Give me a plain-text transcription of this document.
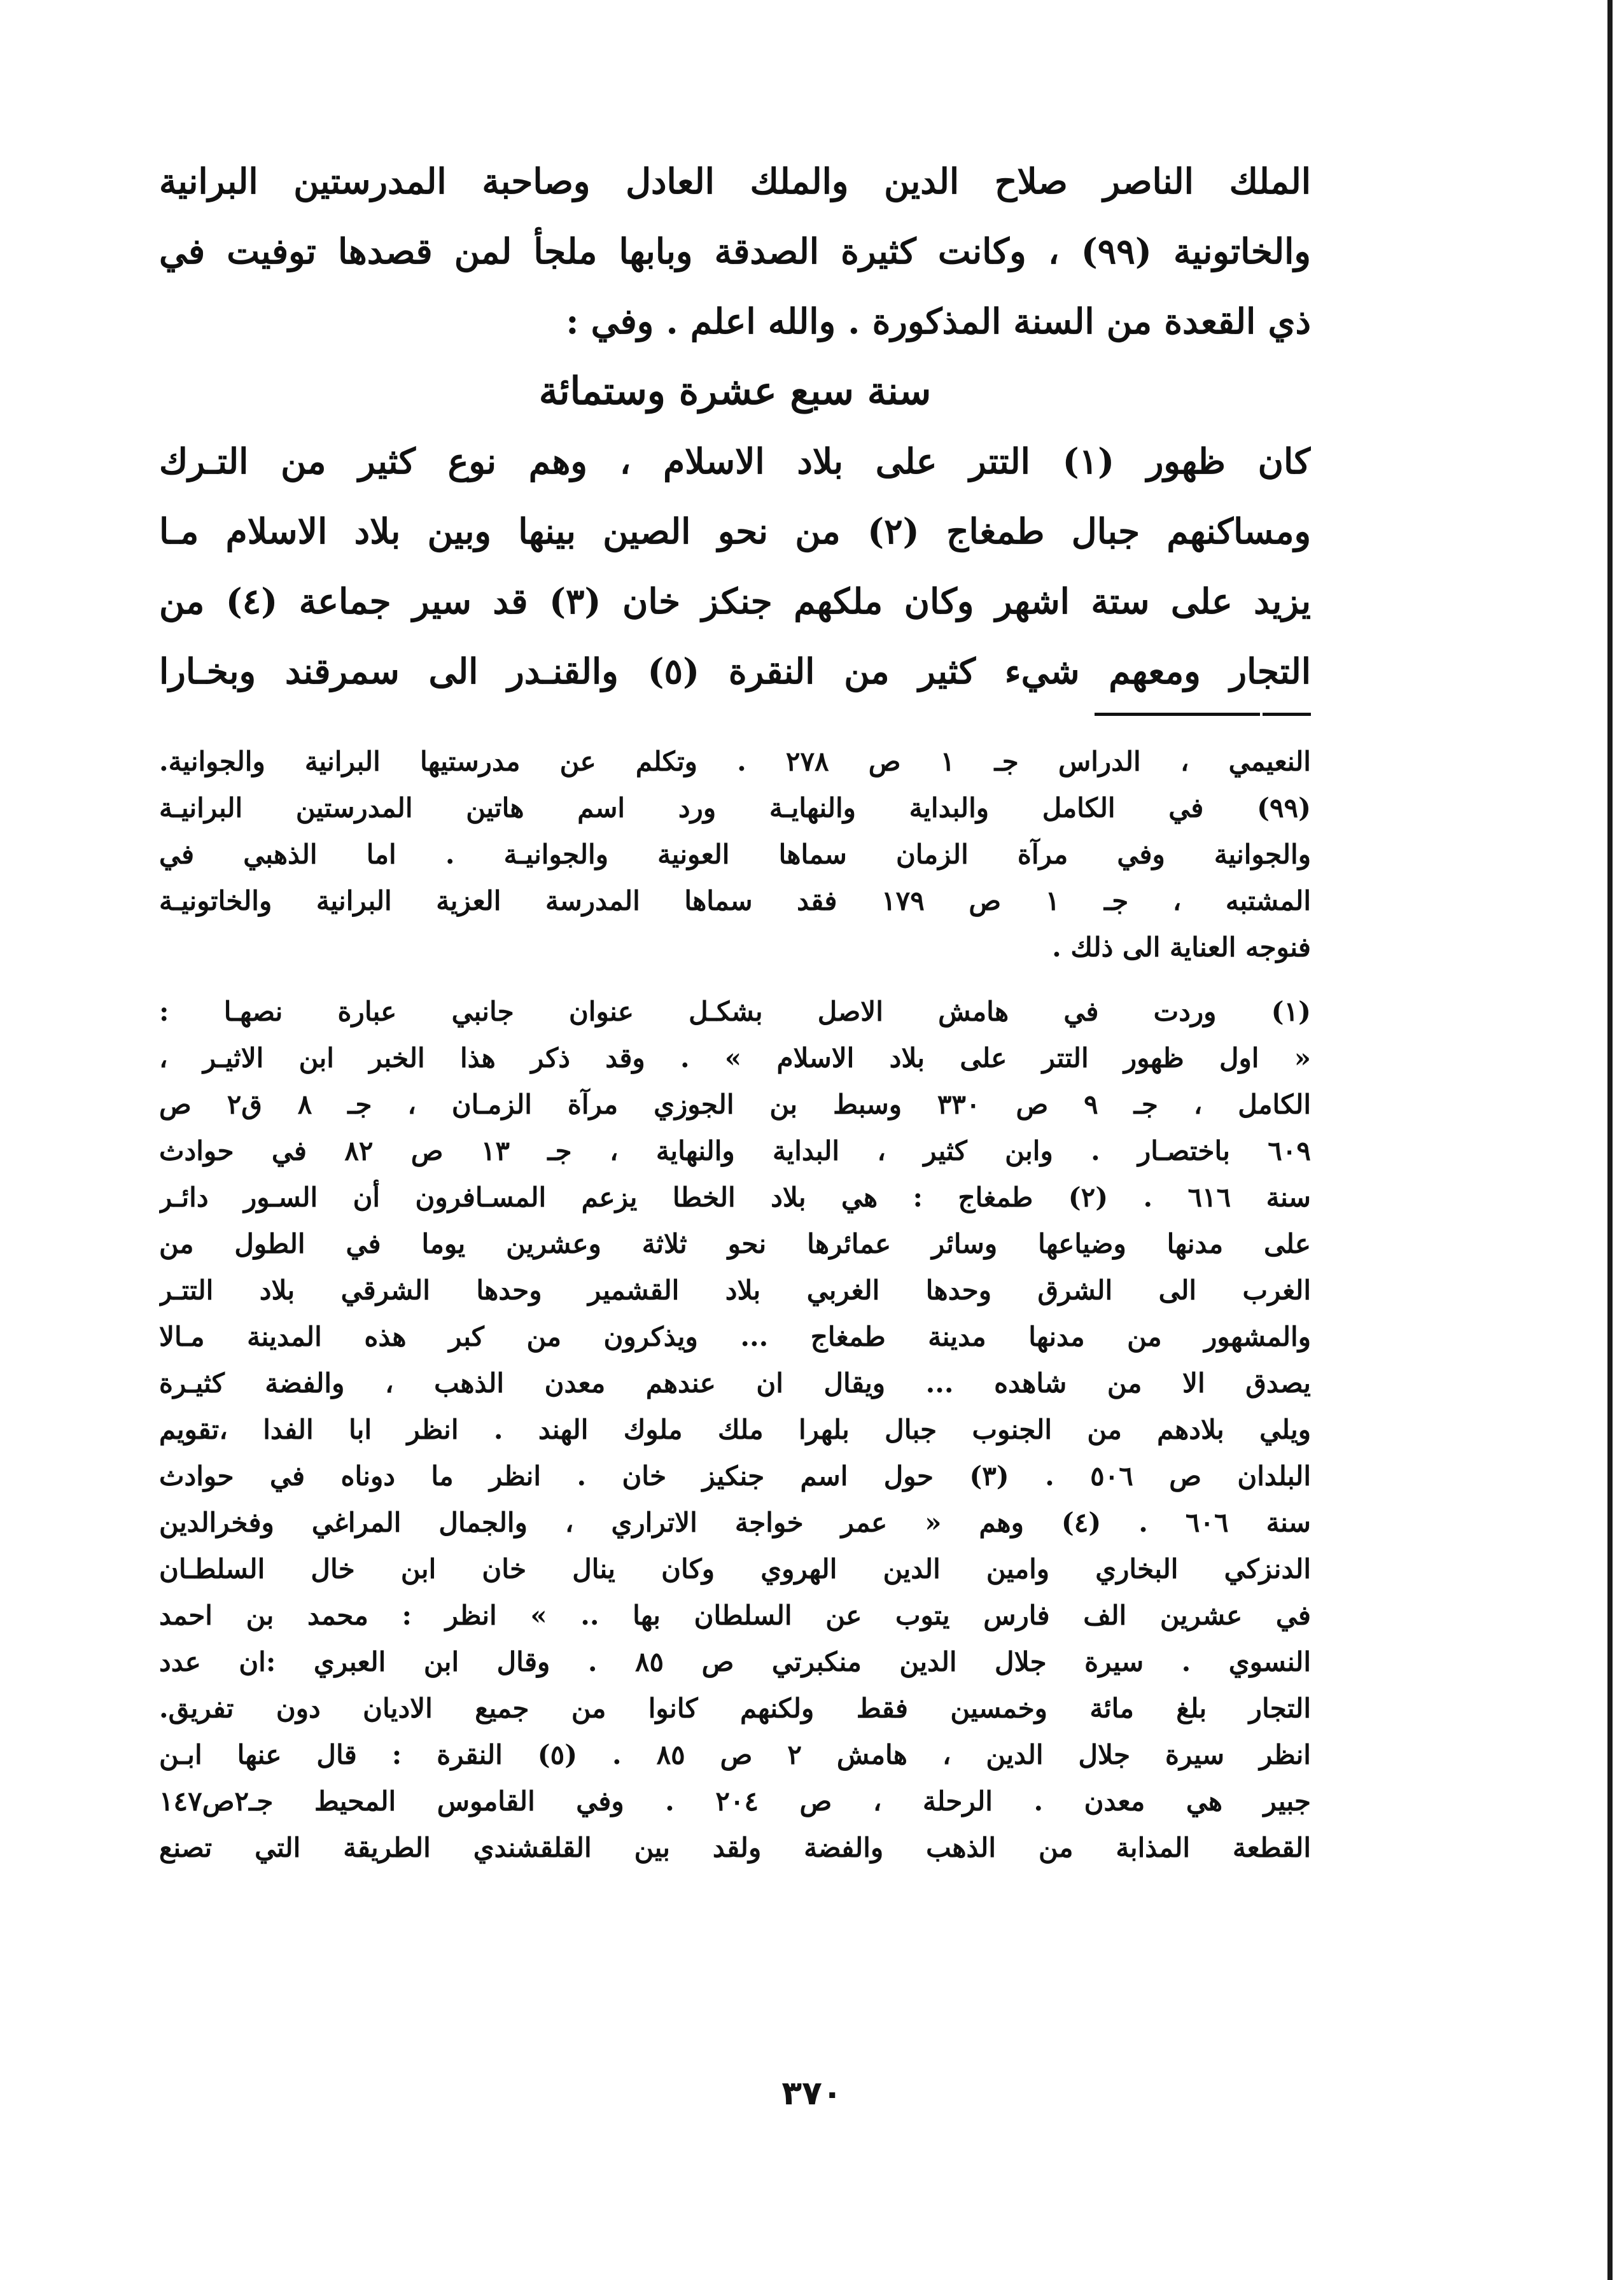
الملك الناصر صلاح الدين والملك العادل وصاحبة المدرستين البرانية
والخاتونية (٩٩) ، وكانت كثيرة الصدقة وبابها ملجأ لمن قصدها توفيت في
ذي القعدة من السنة المذكورة . والله اعلم . وفي :
سنة سبع عشرة وستمائة
كان ظهور (١) التتر على بلاد الاسلام ، وهم نوع كثير من التـرك
ومساكنهم جبال طمغاج (٢) من نحو الصين بينها وبين بلاد الاسلام مـا
يزيد على ستة اشهر وكان ملكهم جنكز خان (٣) قد سير جماعة (٤) من
التجار ومعهم شيء كثير من النقرة (٥) والقنـدر الى سمرقند وبخـارا
النعيمي ، الدراس جـ ١ ص ٢٧٨ . وتكلم عن مدرستيها البرانية والجوانية.
(٩٩) في الكامل والبداية والنهايـة ورد اسم هاتين المدرستين البرانيـة
والجوانية وفي مرآة الزمان سماها العونية والجوانيـة . اما الذهبي في
المشتبه ، جـ ١ ص ١٧٩ فقد سماها المدرسة العزية البرانية والخاتونيـة
فنوجه العناية الى ذلك .
(١) وردت في هامش الاصل بشكـل عنوان جانبي عبارة نصهـا :
« اول ظهور التتر على بلاد الاسلام » . وقد ذكر هذا الخبر ابن الاثيـر ،
الكامل ، جـ ٩ ص ٣٣٠ وسبط بن الجوزي مرآة الزمـان ، جـ ٨ ق٢ ص
٦٠٩ باختصـار . وابن كثير ، البداية والنهاية ، جـ ١٣ ص ٨٢ في حوادث
سنة ٦١٦ . (٢) طمغاج : هي بلاد الخطا يزعم المسـافرون أن السـور دائـر
على مدنها وضياعها وسائر عمائرها نحو ثلاثة وعشرين يوما في الطول من
الغرب الى الشرق وحدها الغربي بلاد القشمير وحدها الشرقي بلاد التتـر
والمشهور من مدنها مدينة طمغاج ... ويذكرون من كبر هذه المدينة مـالا
يصدق الا من شاهده ... ويقال ان عندهم معدن الذهب ، والفضة كثيـرة
ويلي بلادهم من الجنوب جبال بلهرا ملك ملوك الهند . انظر ابا الفدا ،تقويم
البلدان ص ٥٠٦ . (٣) حول اسم جنكيز خان . انظر ما دوناه في حوادث
سنة ٦٠٦ . (٤) وهم « عمر خواجة الاتراري ، والجمال المراغي وفخرالدين
الدنزكي البخاري وامين الدين الهروي وكان ينال خان ابن خال السلطـان
في عشرين الف فارس يتوب عن السلطان بها .. » انظر : محمد بن احمد
النسوي . سيرة جلال الدين منكبرتي ص ٨٥ . وقال ابن العبري :ان عدد
التجار بلغ مائة وخمسين فقط ولكنهم كانوا من جميع الاديان دون تفريق.
انظر سيرة جلال الدين ، هامش ٢ ص ٨٥ . (٥) النقرة : قال عنها ابـن
جبير هي معدن . الرحلة ، ص ٢٠٤ . وفي القاموس المحيط جـ٢ص١٤٧
القطعة المذابة من الذهب والفضة ولقد بين القلقشندي الطريقة التي تصنع
٣٧٠
